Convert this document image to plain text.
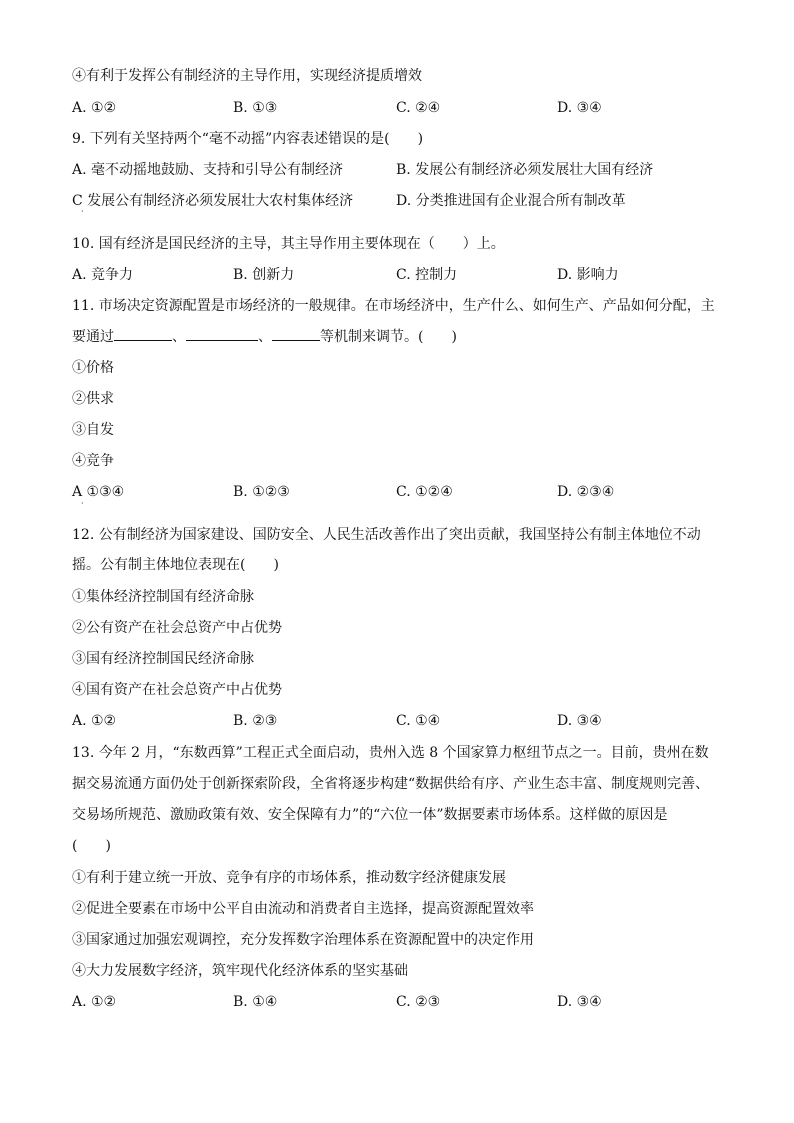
④有利于发挥公有制经济的主导作用，实现经济提质增效
A. ①②	B. ①③	C. ②④	D. ③④
9. 下列有关坚持两个“毫不动摇”内容表述错误的是(　　)
A. 毫不动摇地鼓励、支持和引导公有制经济	B. 发展公有制经济必须发展壮大国有经济
C 发展公有制经济必须发展壮大农村集体经济	D. 分类推进国有企业混合所有制改革
·
10. 国有经济是国民经济的主导，其主导作用主要体现在（　　）上。
A. 竞争力	B. 创新力	C. 控制力	D. 影响力
11. 市场决定资源配置是市场经济的一般规律。在市场经济中，生产什么、如何生产、产品如何分配，主
要通过	、	、	等机制来调节。(　　)
①价格
②供求
③自发
④竞争
A ①③④	B. ①②③	C. ①②④	D. ②③④
·
12. 公有制经济为国家建设、国防安全、人民生活改善作出了突出贡献，我国坚持公有制主体地位不动
摇。公有制主体地位表现在(　　)
①集体经济控制国有经济命脉
②公有资产在社会总资产中占优势
③国有经济控制国民经济命脉
④国有资产在社会总资产中占优势
A. ①②	B. ②③	C. ①④	D. ③④
13. 今年 2 月，“东数西算”工程正式全面启动，贵州入选 8 个国家算力枢纽节点之一。目前，贵州在数
据交易流通方面仍处于创新探索阶段，全省将逐步构建“数据供给有序、产业生态丰富、制度规则完善、
交易场所规范、激励政策有效、安全保障有力”的“六位一体”数据要素市场体系。这样做的原因是
(　　)
①有利于建立统一开放、竞争有序的市场体系，推动数字经济健康发展
②促进全要素在市场中公平自由流动和消费者自主选择，提高资源配置效率
③国家通过加强宏观调控，充分发挥数字治理体系在资源配置中的决定作用
④大力发展数字经济，筑牢现代化经济体系的坚实基础
A. ①②	B. ①④	C. ②③	D. ③④
